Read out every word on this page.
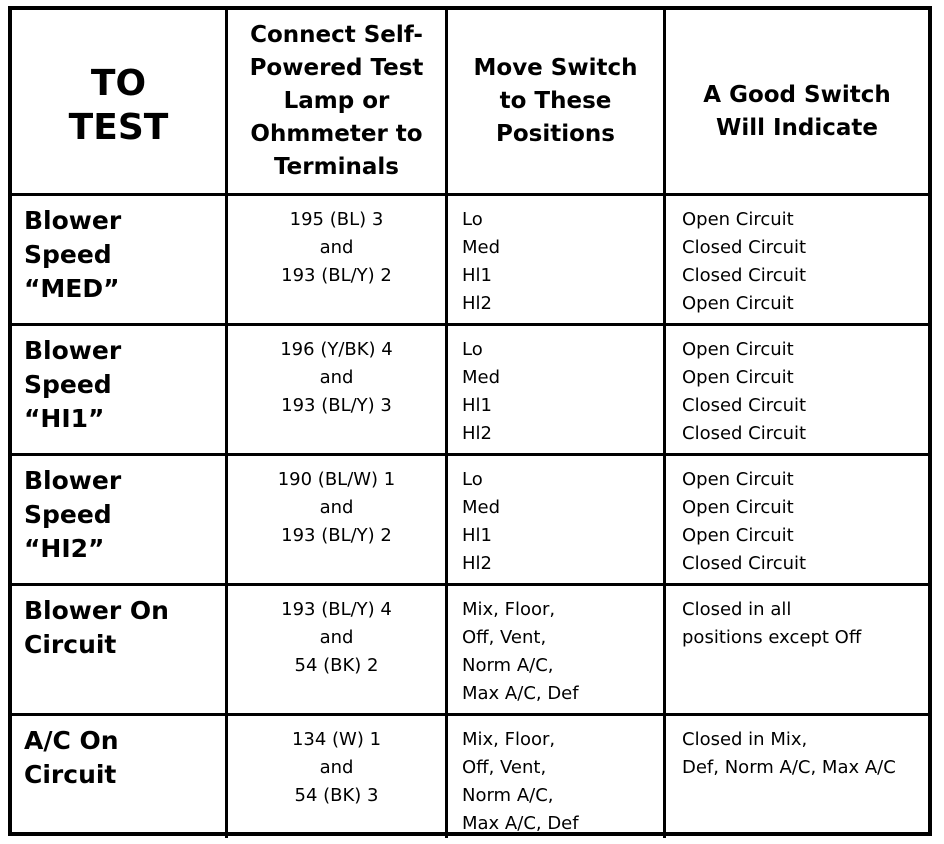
TO
TEST
Connect Self-
Powered Test
Lamp or
Ohmmeter to
Terminals
Move Switch
to These
Positions
A Good Switch
Will Indicate
Blower
Speed
“MED”
195 (BL) 3
and
193 (BL/Y) 2
Lo
Med
Hl1
Hl2
Open Circuit
Closed Circuit
Closed Circuit
Open Circuit
Blower
Speed
“HI1”
196 (Y/BK) 4
and
193 (BL/Y) 3
Lo
Med
Hl1
Hl2
Open Circuit
Open Circuit
Closed Circuit
Closed Circuit
Blower
Speed
“HI2”
190 (BL/W) 1
and
193 (BL/Y) 2
Lo
Med
Hl1
Hl2
Open Circuit
Open Circuit
Open Circuit
Closed Circuit
Blower On
Circuit
193 (BL/Y) 4
and
54 (BK) 2
Mix, Floor,
Off, Vent,
Norm A/C,
Max A/C, Def
Closed in all
positions except Off
A/C On
Circuit
134 (W) 1
and
54 (BK) 3
Mix, Floor,
Off, Vent,
Norm A/C,
Max A/C, Def
Closed in Mix,
Def, Norm A/C, Max A/C
